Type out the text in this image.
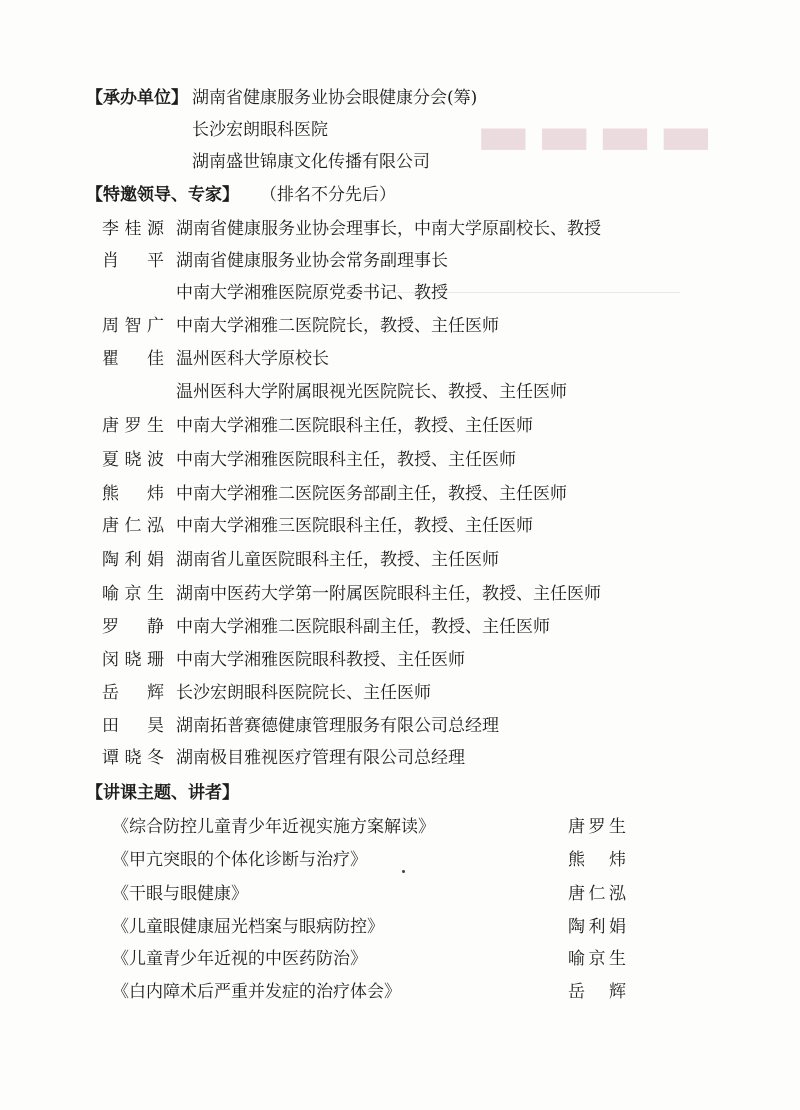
▬▬▬▬
【承办单位】 湖南省健康服务业协会眼健康分会(筹)
长沙宏朗眼科医院
湖南盛世锦康文化传播有限公司
【特邀领导、专家】 （排名不分先后）
李桂源 湖南省健康服务业协会理事长，中南大学原副校长、教授
肖平 湖南省健康服务业协会常务副理事长
中南大学湘雅医院原党委书记、教授
周智广 中南大学湘雅二医院院长，教授、主任医师
瞿佳 温州医科大学原校长
温州医科大学附属眼视光医院院长、教授、主任医师
唐罗生 中南大学湘雅二医院眼科主任，教授、主任医师
夏晓波 中南大学湘雅医院眼科主任，教授、主任医师
熊炜 中南大学湘雅二医院医务部副主任，教授、主任医师
唐仁泓 中南大学湘雅三医院眼科主任，教授、主任医师
陶利娟 湖南省儿童医院眼科主任，教授、主任医师
喻京生 湖南中医药大学第一附属医院眼科主任，教授、主任医师
罗静 中南大学湘雅二医院眼科副主任，教授、主任医师
闵晓珊 中南大学湘雅医院眼科教授、主任医师
岳辉 长沙宏朗眼科医院院长、主任医师
田昊 湖南拓普赛德健康管理服务有限公司总经理
谭晓冬 湖南极目雅视医疗管理有限公司总经理
【讲课主题、讲者】
《综合防控儿童青少年近视实施方案解读》	唐罗生
《甲亢突眼的个体化诊断与治疗》	熊炜
《干眼与眼健康》	唐仁泓
《儿童眼健康屈光档案与眼病防控》	陶利娟
《儿童青少年近视的中医药防治》	喻京生
《白内障术后严重并发症的治疗体会》	岳辉
